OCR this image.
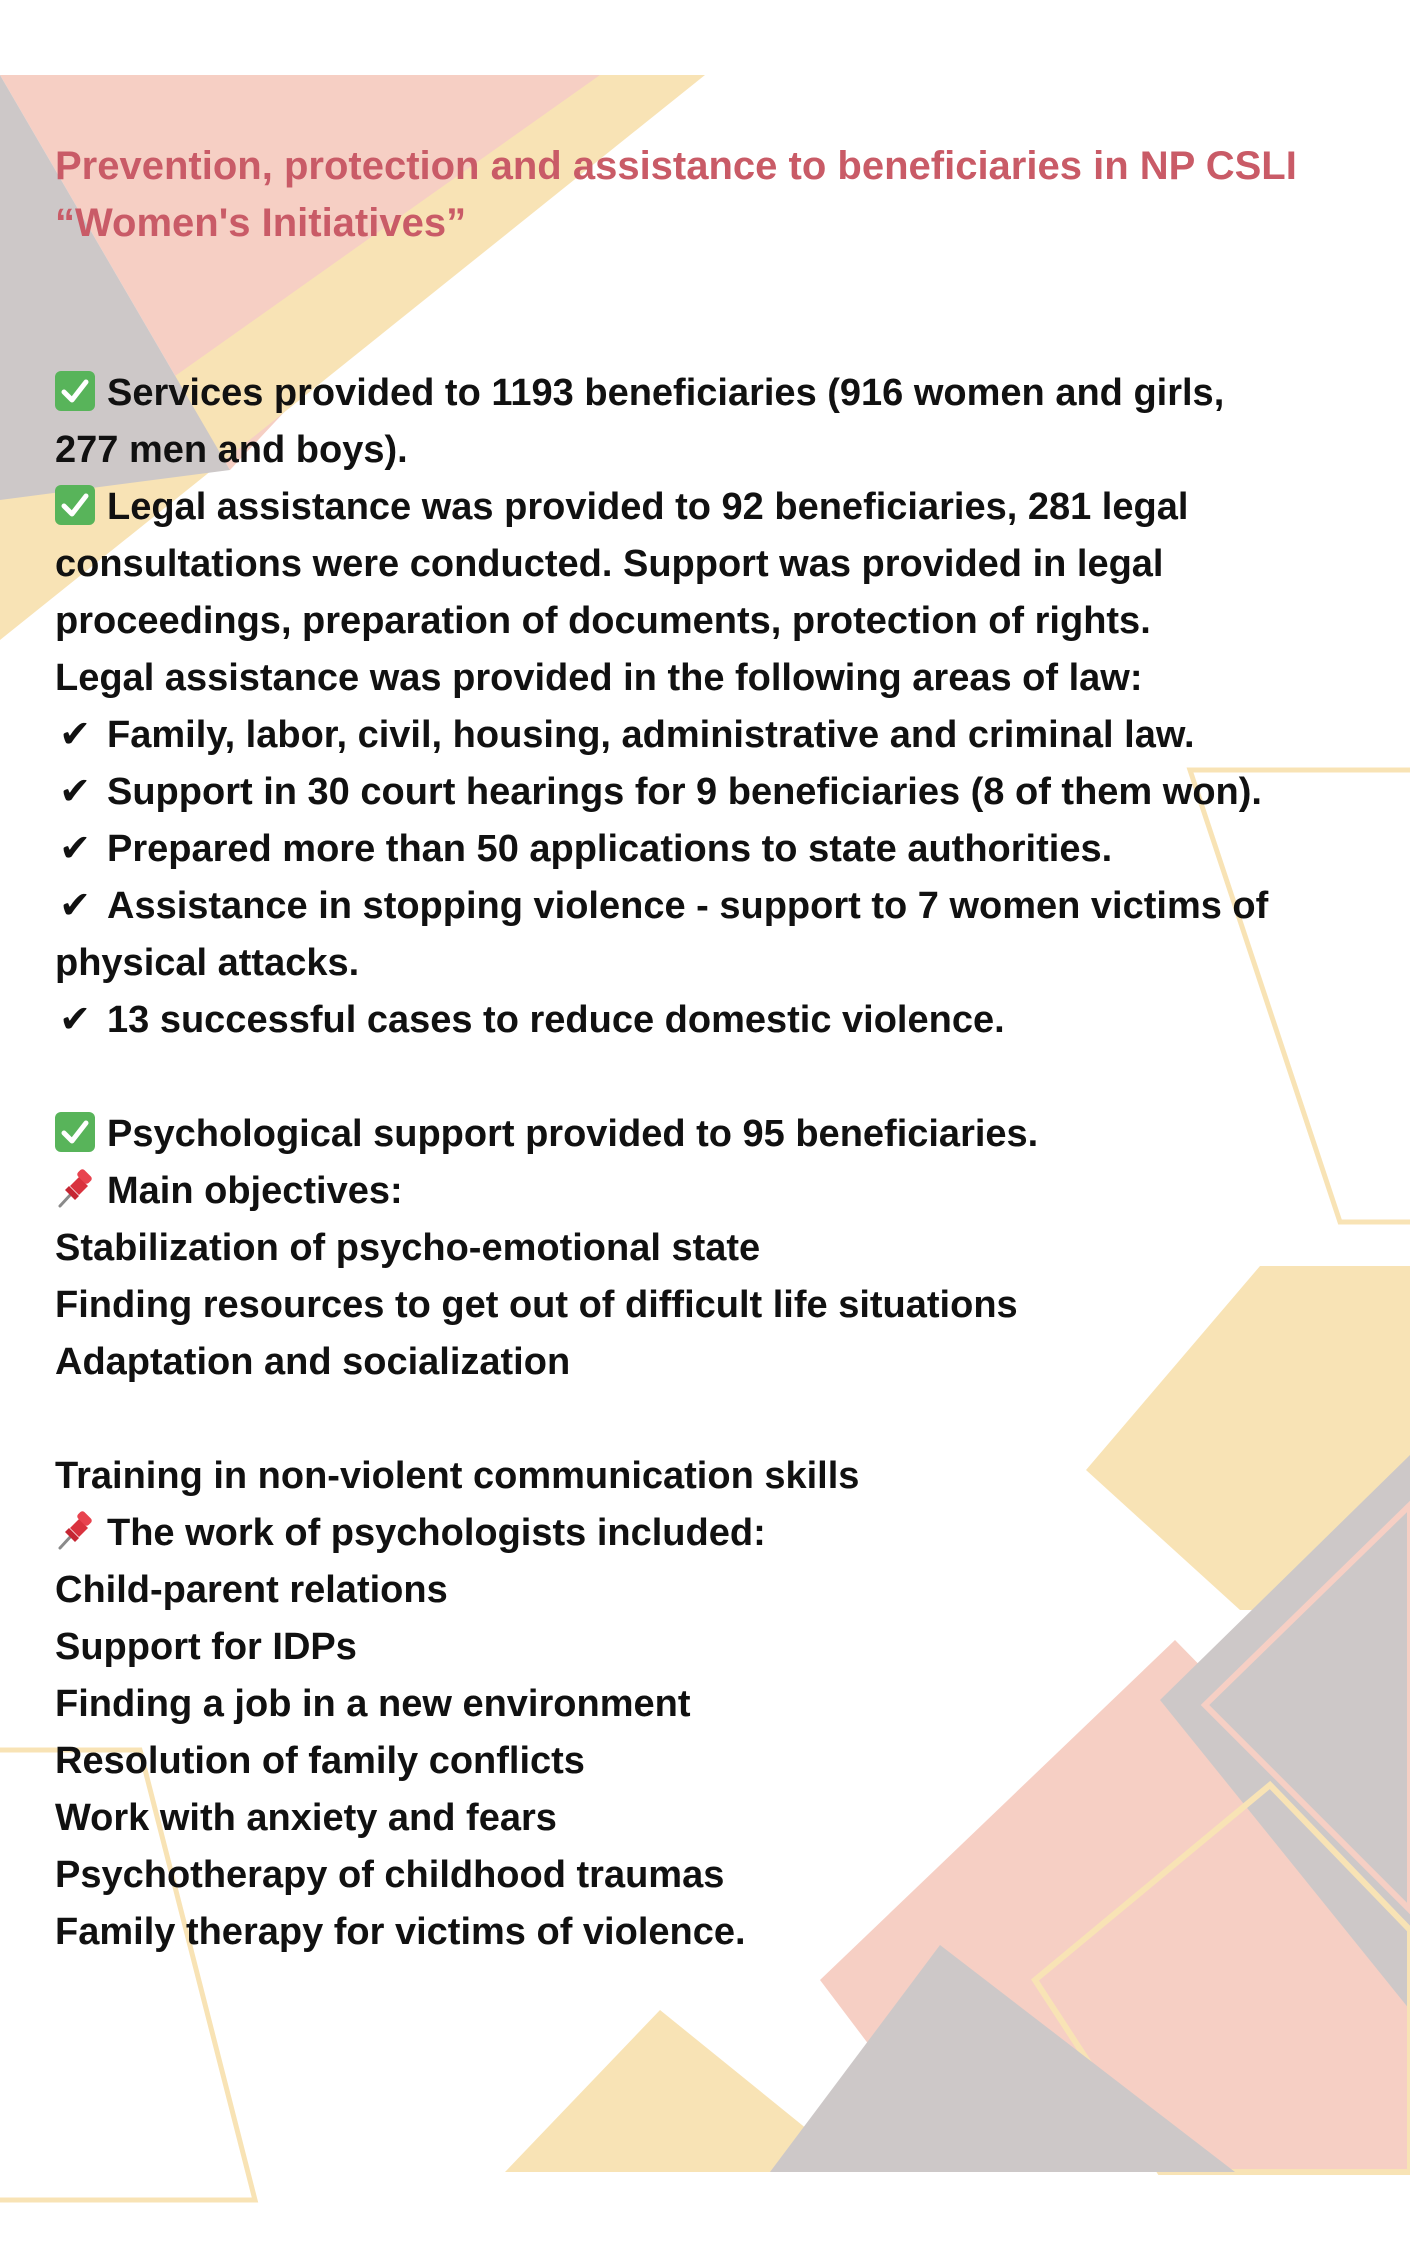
Prevention, protection and assistance to beneficiaries in NP CSLI
“Women's Initiatives”
Services provided to 1193 beneficiaries (916 women and girls,
277 men and boys).
Legal assistance was provided to 92 beneficiaries, 281 legal
consultations were conducted. Support was provided in legal
proceedings, preparation of documents, protection of rights.
Legal assistance was provided in the following areas of law:
✔ Family, labor, civil, housing, administrative and criminal law.
✔ Support in 30 court hearings for 9 beneficiaries (8 of them won).
✔ Prepared more than 50 applications to state authorities.
✔ Assistance in stopping violence - support to 7 women victims of
physical attacks.
✔ 13 successful cases to reduce domestic violence.
Psychological support provided to 95 beneficiaries.
Main objectives:
Stabilization of psycho-emotional state
Finding resources to get out of difficult life situations
Adaptation and socialization
Training in non-violent communication skills
The work of psychologists included:
Child-parent relations
Support for IDPs
Finding a job in a new environment
Resolution of family conflicts
Work with anxiety and fears
Psychotherapy of childhood traumas
Family therapy for victims of violence.
